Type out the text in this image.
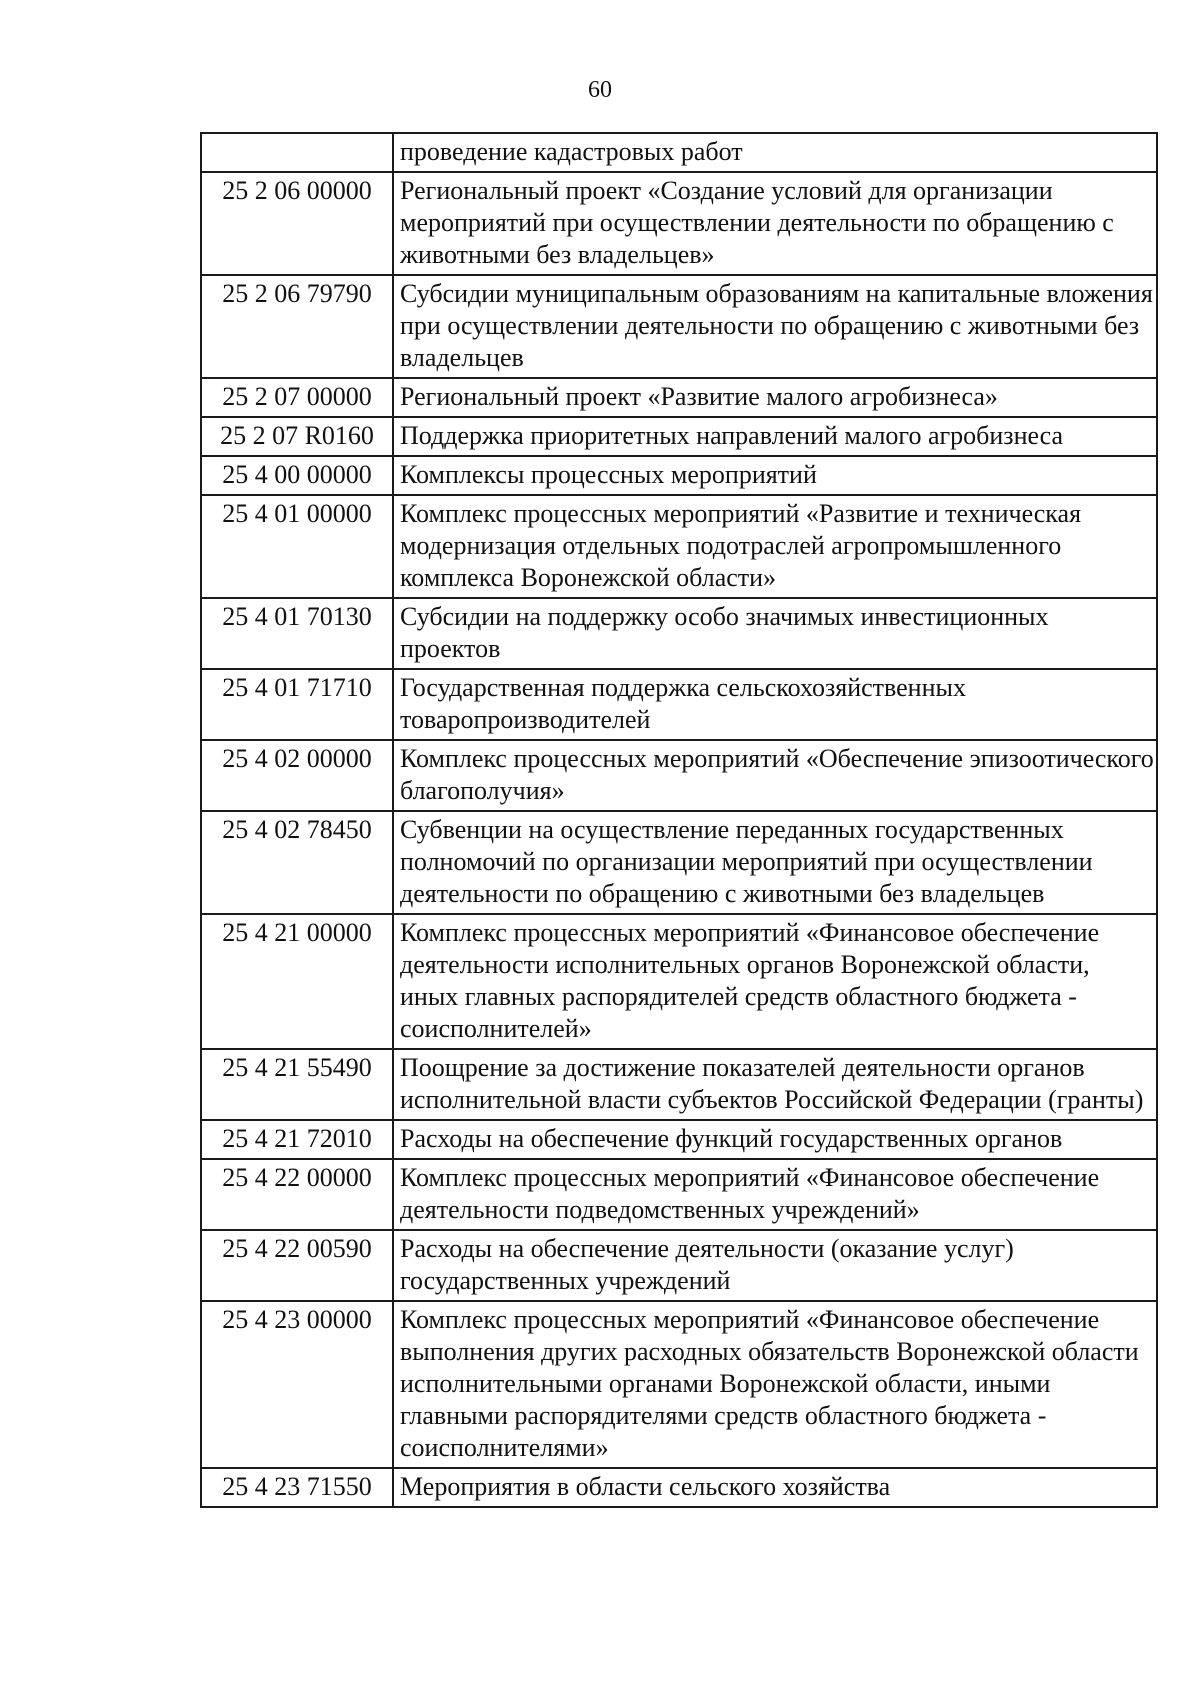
60
	проведение кадастровых работ
25 2 06 00000	Региональный проект «Создание условий для организации мероприятий при осуществлении деятельности по обращению с животными без владельцев»
25 2 06 79790	Субсидии муниципальным образованиям на капитальные вложения при осуществлении деятельности по обращению с животными без владельцев
25 2 07 00000	Региональный проект «Развитие малого агробизнеса»
25 2 07 R0160	Поддержка приоритетных направлений малого агробизнеса
25 4 00 00000	Комплексы процессных мероприятий
25 4 01 00000	Комплекс процессных мероприятий «Развитие и техническая модернизация отдельных подотраслей агропромышленного комплекса Воронежской области»
25 4 01 70130	Субсидии на поддержку особо значимых инвестиционных проектов
25 4 01 71710	Государственная поддержка сельскохозяйственных товаропроизводителей
25 4 02 00000	Комплекс процессных мероприятий «Обеспечение эпизоотического благополучия»
25 4 02 78450	Субвенции на осуществление переданных государственных полномочий по организации мероприятий при осуществлении деятельности по обращению с животными без владельцев
25 4 21 00000	Комплекс процессных мероприятий «Финансовое обеспечение деятельности исполнительных органов Воронежской области, иных главных распорядителей средств областного бюджета - соисполнителей»
25 4 21 55490	Поощрение за достижение показателей деятельности органов исполнительной власти субъектов Российской Федерации (гранты)
25 4 21 72010	Расходы на обеспечение функций государственных органов
25 4 22 00000	Комплекс процессных мероприятий «Финансовое обеспечение деятельности подведомственных учреждений»
25 4 22 00590	Расходы на обеспечение деятельности (оказание услуг) государственных учреждений
25 4 23 00000	Комплекс процессных мероприятий «Финансовое обеспечение выполнения других расходных обязательств Воронежской области исполнительными органами Воронежской области, иными главными распорядителями средств областного бюджета - соисполнителями»
25 4 23 71550	Мероприятия в области сельского хозяйства
